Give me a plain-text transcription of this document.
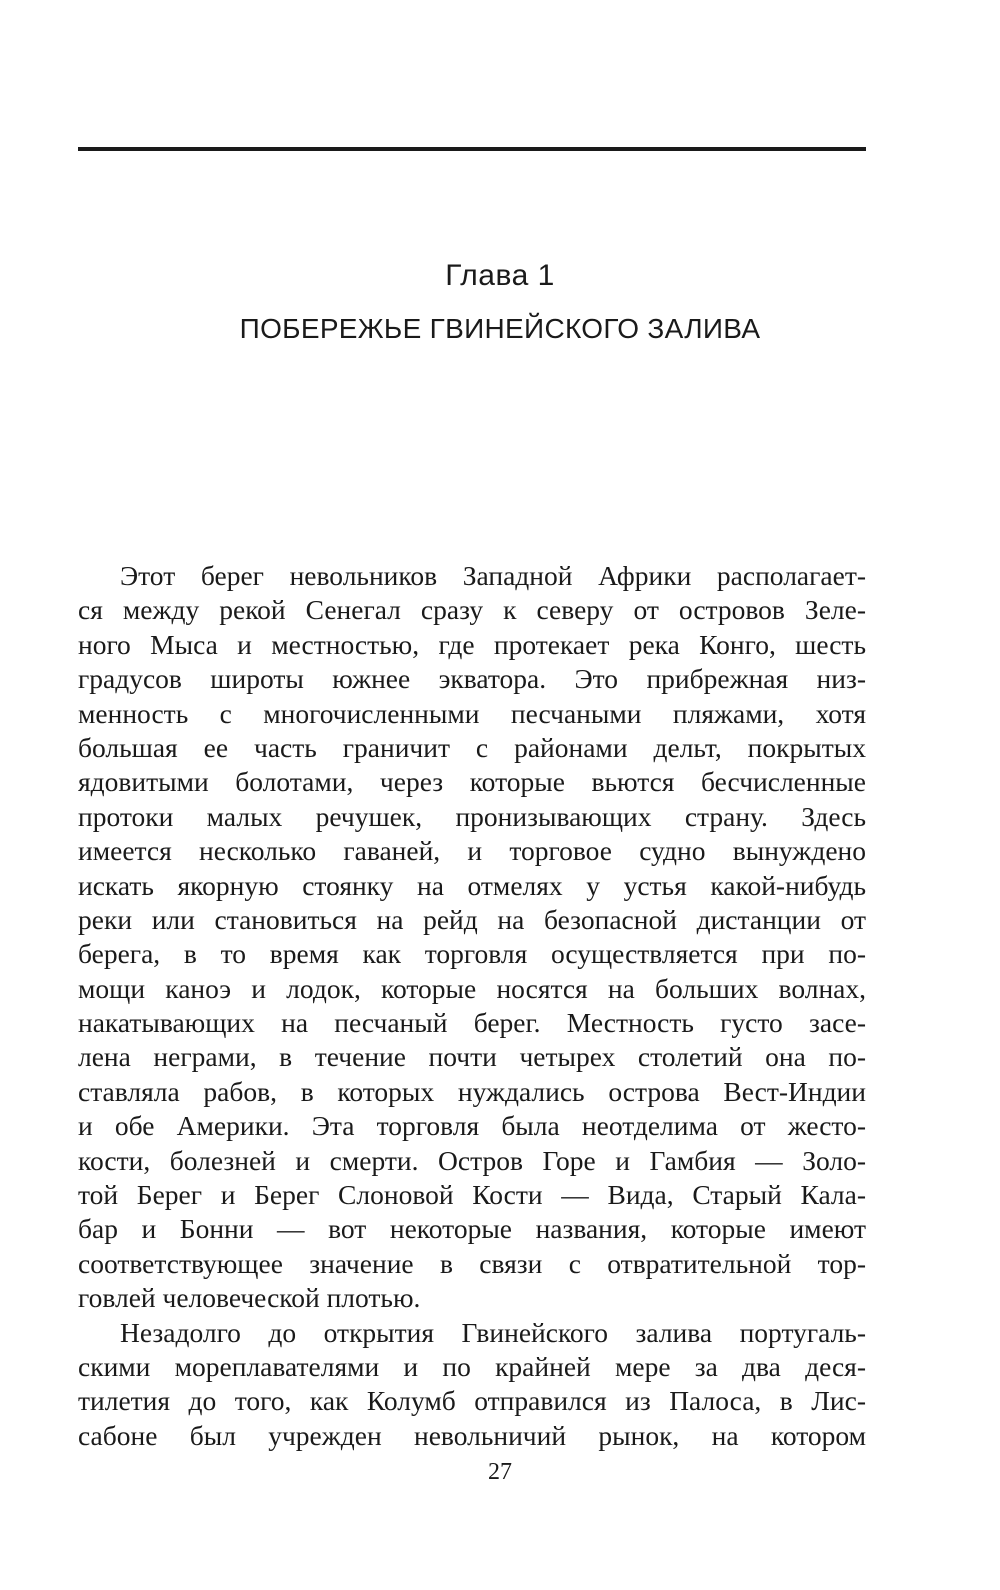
Глава 1
ПОБЕРЕЖЬЕ ГВИНЕЙСКОГО ЗАЛИВА
Этот берег невольников Западной Африки располагает-
ся между рекой Сенегал сразу к северу от островов Зеле-
ного Мыса и местностью, где протекает река Конго, шесть
градусов широты южнее экватора. Это прибрежная низ-
менность с многочисленными песчаными пляжами, хотя
большая ее часть граничит с районами дельт, покрытых
ядовитыми болотами, через которые вьются бесчисленные
протоки малых речушек, пронизывающих страну. Здесь
имеется несколько гаваней, и торговое судно вынуждено
искать якорную стоянку на отмелях у устья какой-нибудь
реки или становиться на рейд на безопасной дистанции от
берега, в то время как торговля осуществляется при по-
мощи каноэ и лодок, которые носятся на больших волнах,
накатывающих на песчаный берег. Местность густо засе-
лена неграми, в течение почти четырех столетий она по-
ставляла рабов, в которых нуждались острова Вест-Индии
и обе Америки. Эта торговля была неотделима от жесто-
кости, болезней и смерти. Остров Горе и Гамбия — Золо-
той Берег и Берег Слоновой Кости — Вида, Старый Кала-
бар и Бонни — вот некоторые названия, которые имеют
соответствующее значение в связи с отвратительной тор-
говлей человеческой плотью.
Незадолго до открытия Гвинейского залива португаль-
скими мореплавателями и по крайней мере за два деся-
тилетия до того, как Колумб отправился из Палоса, в Лис-
сабоне был учрежден невольничий рынок, на котором
27
